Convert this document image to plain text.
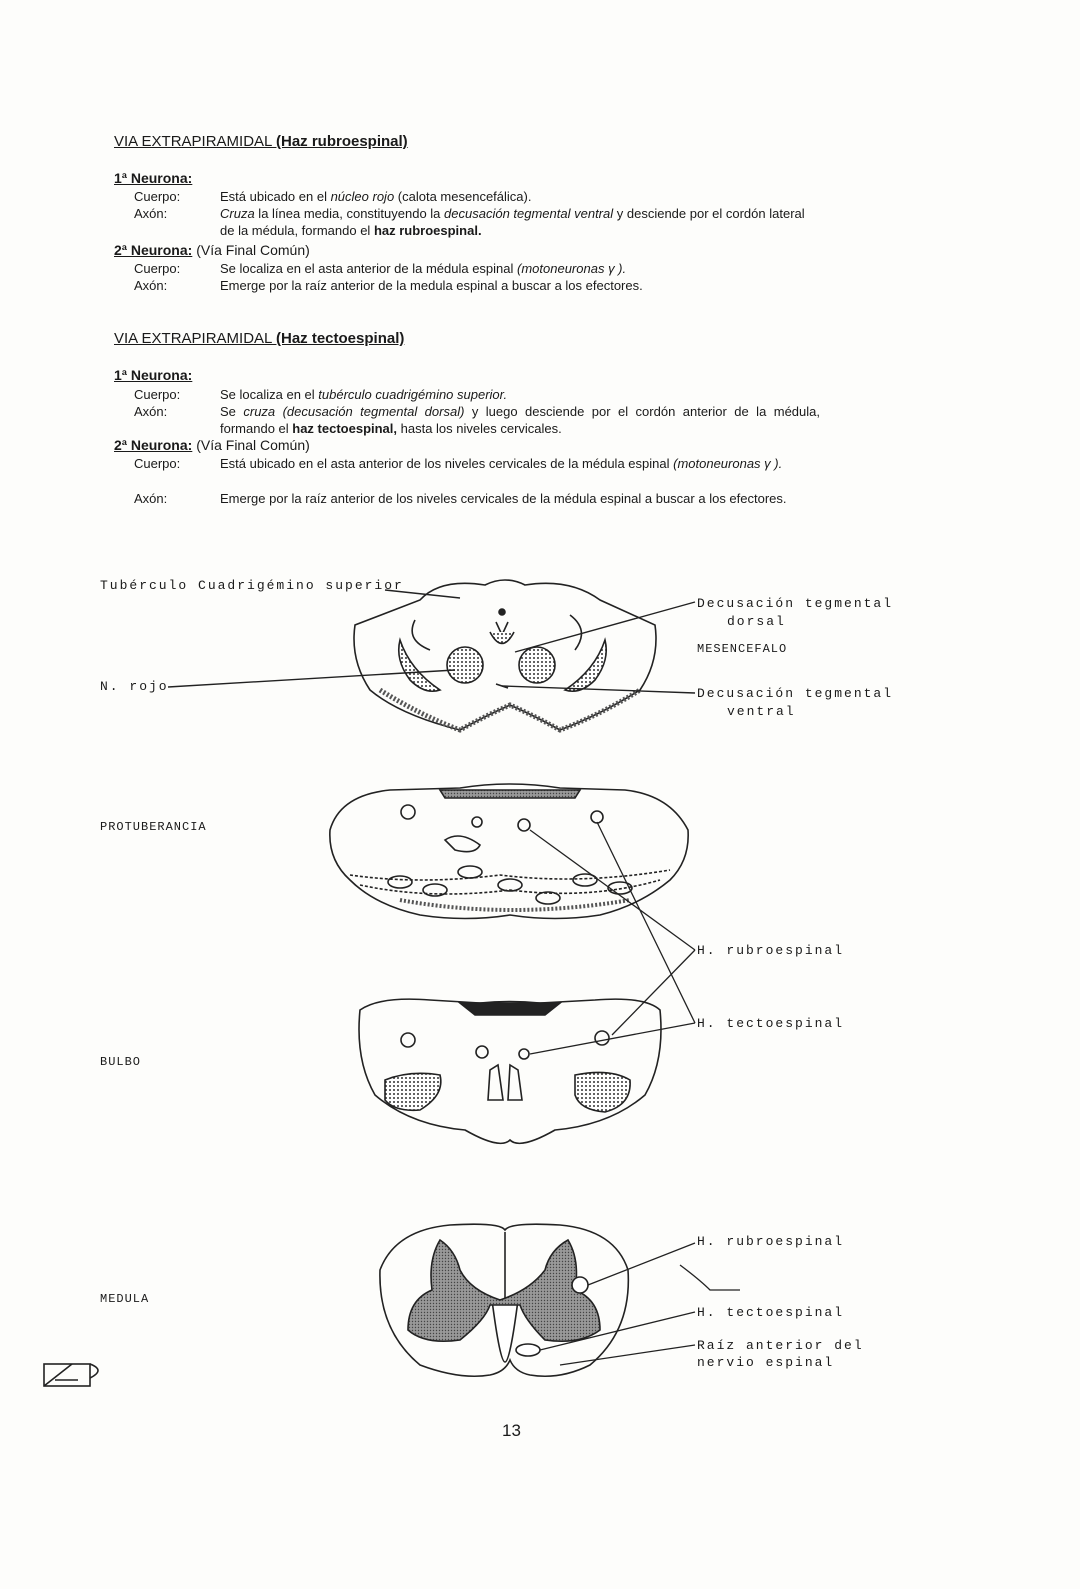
VIA EXTRAPIRAMIDAL (Haz rubroespinal)
1ª Neurona:
Cuerpo:	Está ubicado en el núcleo rojo (calota mesencefálica).
Axón:	Cruza la línea media, constituyendo la decusación tegmental ventral y desciende por el cordón lateral de la médula, formando el haz rubroespinal.
2ª Neurona: (Vía Final Común)
Cuerpo:	Se localiza en el asta anterior de la médula espinal (motoneuronas γ ).
Axón:	Emerge por la raíz anterior de la medula espinal a buscar a los efectores.
VIA EXTRAPIRAMIDAL (Haz tectoespinal)
1ª Neurona:
Cuerpo:	Se localiza en el tubérculo cuadrigémino superior.
Axón:	Se cruza (decusación tegmental dorsal) y luego desciende por el cordón anterior de la médula, formando el haz tectoespinal, hasta los niveles cervicales.
2ª Neurona: (Vía Final Común)
Cuerpo:	Está ubicado en el asta anterior de los niveles cervicales de la médula espinal (motoneuronas γ ).
Axón:	Emerge por la raíz anterior de los niveles cervicales de la médula espinal a buscar a los efectores.
Tubérculo Cuadrigémino superior
N. rojo
Decusación tegmental
dorsal
MESENCEFALO
Decusación tegmental
ventral
PROTUBERANCIA
H. rubroespinal
H. tectoespinal
BULBO
MEDULA
H. rubroespinal
H. tectoespinal
Raíz anterior del
nervio espinal
13
